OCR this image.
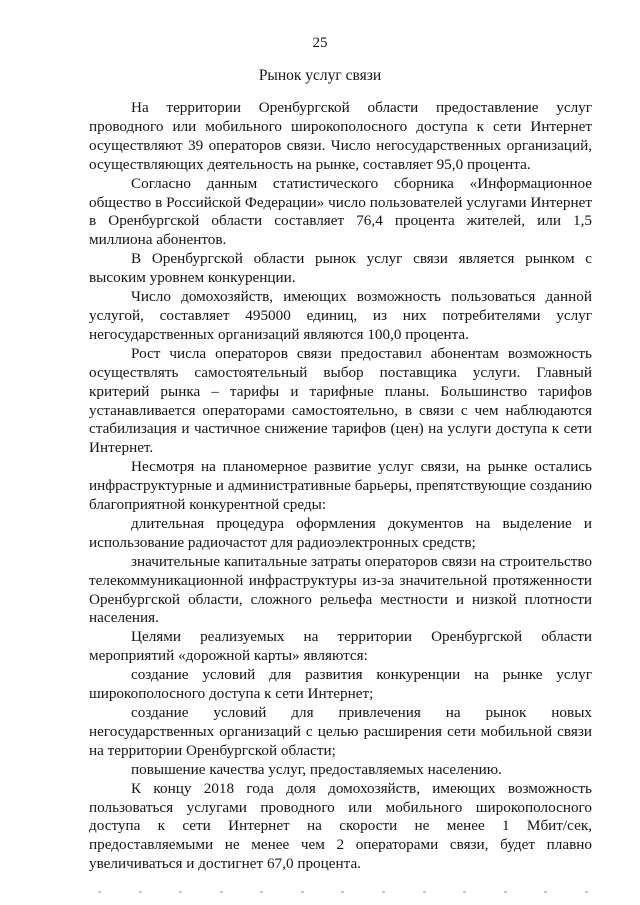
25
Рынок услуг связи

На территории Оренбургской области предоставление услуг проводного или мобильного широкополосного доступа к сети Интернет осуществляют 39 операторов связи. Число негосударственных организаций, осуществляющих деятельность на рынке, составляет 95,0 процента.

Согласно данным статистического сборника «Информационное общество в Российской Федерации» число пользователей услугами Интернет в Оренбургской области составляет 76,4 процента жителей, или 1,5 миллиона абонентов.

В Оренбургской области рынок услуг связи является рынком с высоким уровнем конкуренции.

Число домохозяйств, имеющих возможность пользоваться данной услугой, составляет 495000 единиц, из них потребителями услуг негосударственных организаций являются 100,0 процента.

Рост числа операторов связи предоставил абонентам возможность осуществлять самостоятельный выбор поставщика услуги. Главный критерий рынка – тарифы и тарифные планы. Большинство тарифов устанавливается операторами самостоятельно, в связи с чем наблюдаются стабилизация и частичное снижение тарифов (цен) на услуги доступа к сети Интернет.

Несмотря на планомерное развитие услуг связи, на рынке остались инфраструктурные и административные барьеры, препятствующие созданию благоприятной конкурентной среды:

длительная процедура оформления документов на выделение и использование радиочастот для радиоэлектронных средств;

значительные капитальные затраты операторов связи на строительство телекоммуникационной инфраструктуры из-за значительной протяженности Оренбургской области, сложного рельефа местности и низкой плотности населения.

Целями реализуемых на территории Оренбургской области мероприятий «дорожной карты» являются:

создание условий для развития конкуренции на рынке услуг широкополосного доступа к сети Интернет;

создание условий для привлечения на рынок новых негосударственных организаций с целью расширения сети мобильной связи на территории Оренбургской области;

повышение качества услуг, предоставляемых населению.

К концу 2018 года доля домохозяйств, имеющих возможность пользоваться услугами проводного или мобильного широкополосного доступа к сети Интернет на скорости не менее 1 Мбит/сек, предоставляемыми не менее чем 2 операторами связи, будет плавно увеличиваться и достигнет 67,0 процента.
